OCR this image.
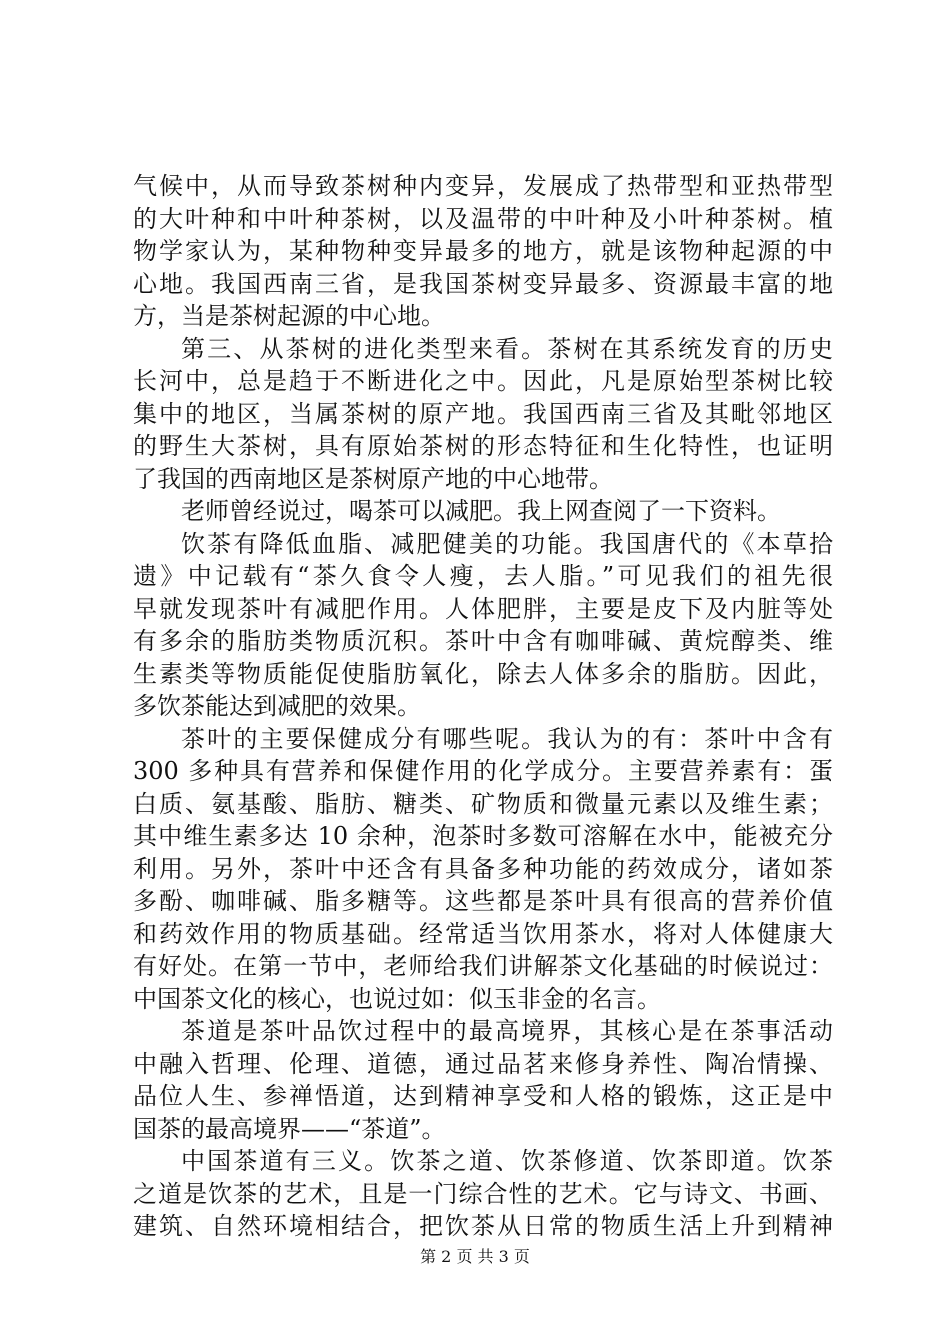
气候中，从而导致茶树种内变异，发展成了热带型和亚热带型
的大叶种和中叶种茶树，以及温带的中叶种及小叶种茶树。植
物学家认为，某种物种变异最多的地方，就是该物种起源的中
心地。我国西南三省，是我国茶树变异最多、资源最丰富的地
方，当是茶树起源的中心地。
第三、从茶树的进化类型来看。茶树在其系统发育的历史
长河中，总是趋于不断进化之中。因此，凡是原始型茶树比较
集中的地区，当属茶树的原产地。我国西南三省及其毗邻地区
的野生大茶树，具有原始茶树的形态特征和生化特性，也证明
了我国的西南地区是茶树原产地的中心地带。
老师曾经说过，喝茶可以减肥。我上网查阅了一下资料。
饮茶有降低血脂、减肥健美的功能。我国唐代的《本草拾
遗》中记载有“茶久食令人瘦，去人脂。”可见我们的祖先很
早就发现茶叶有减肥作用。人体肥胖，主要是皮下及内脏等处
有多余的脂肪类物质沉积。茶叶中含有咖啡碱、黄烷醇类、维
生素类等物质能促使脂肪氧化，除去人体多余的脂肪。因此，
多饮茶能达到减肥的效果。
茶叶的主要保健成分有哪些呢。我认为的有：茶叶中含有
300 多种具有营养和保健作用的化学成分。主要营养素有：蛋
白质、氨基酸、脂肪、糖类、矿物质和微量元素以及维生素；
其中维生素多达 10 余种，泡茶时多数可溶解在水中，能被充分
利用。另外，茶叶中还含有具备多种功能的药效成分，诸如茶
多酚、咖啡碱、脂多糖等。这些都是茶叶具有很高的营养价值
和药效作用的物质基础。经常适当饮用茶水，将对人体健康大
有好处。在第一节中，老师给我们讲解茶文化基础的时候说过：
中国茶文化的核心，也说过如：似玉非金的名言。
茶道是茶叶品饮过程中的最高境界，其核心是在茶事活动
中融入哲理、伦理、道德，通过品茗来修身养性、陶冶情操、
品位人生、参禅悟道，达到精神享受和人格的锻炼，这正是中
国茶的最高境界——“茶道”。
中国茶道有三义。饮茶之道、饮茶修道、饮茶即道。饮茶
之道是饮茶的艺术，且是一门综合性的艺术。它与诗文、书画、
建筑、自然环境相结合，把饮茶从日常的物质生活上升到精神
第 2 页 共 3 页
